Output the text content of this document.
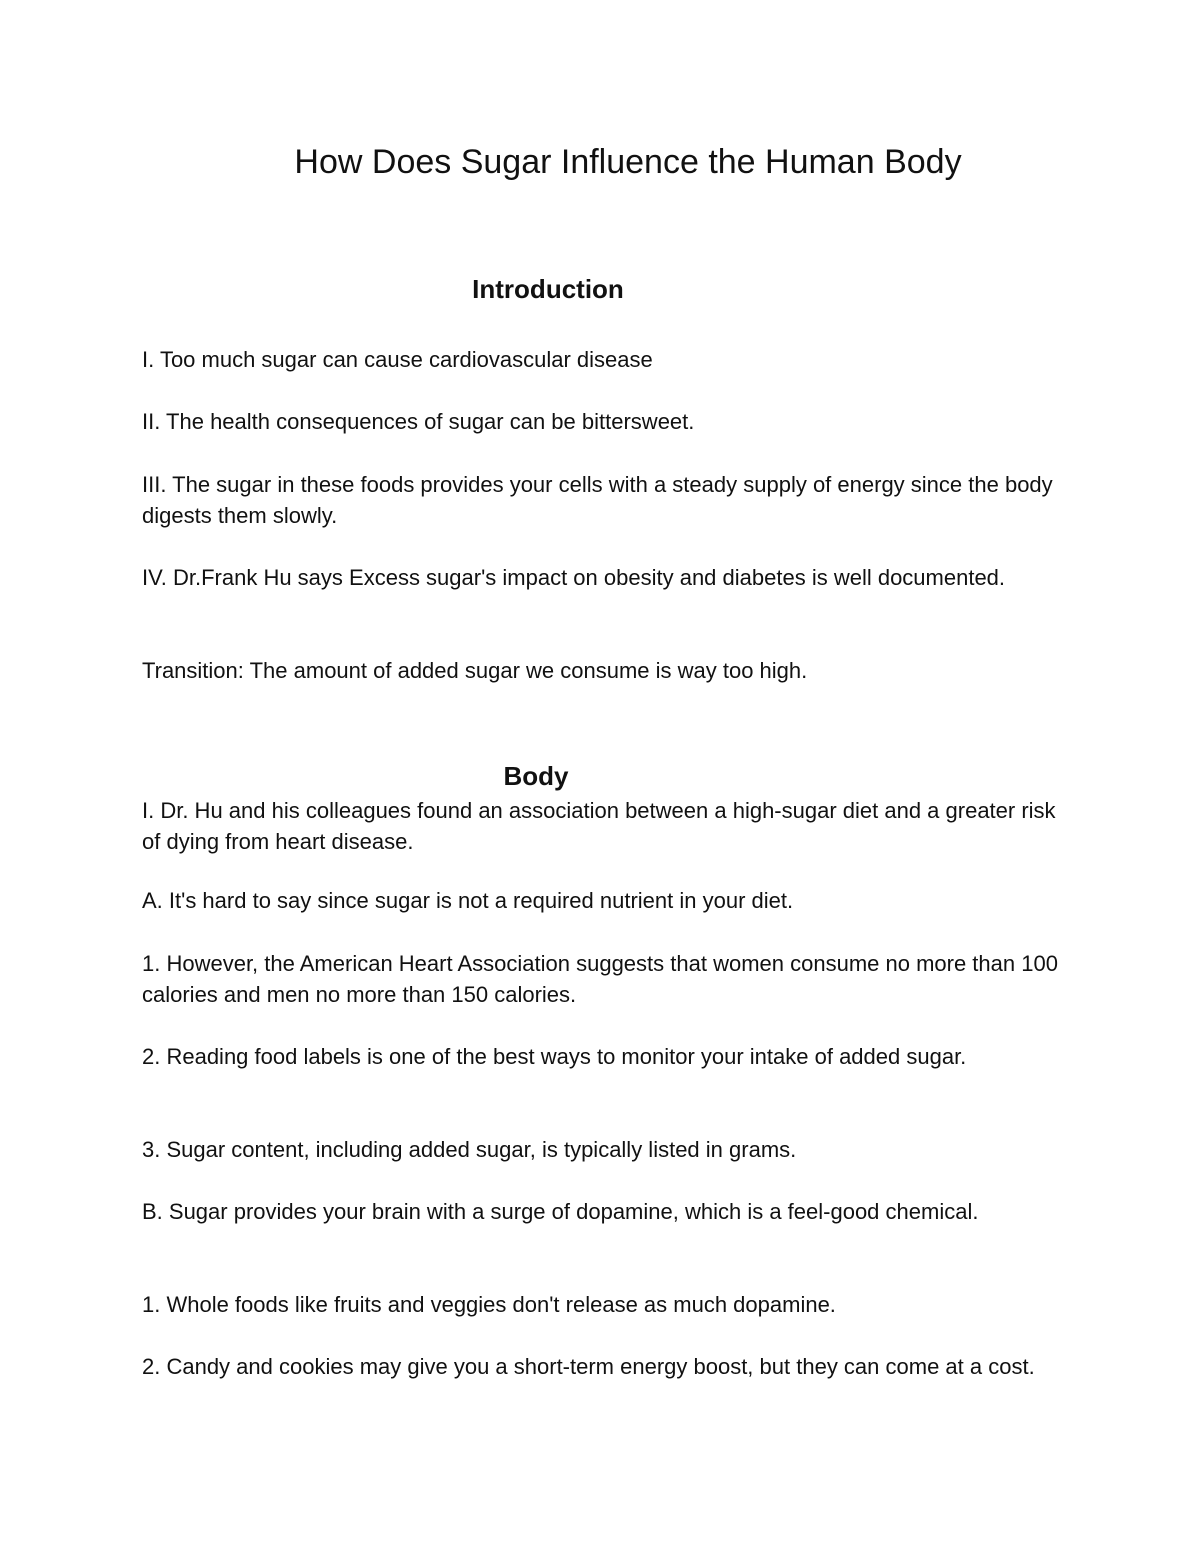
How Does Sugar Influence the Human Body
Introduction

I. Too much sugar can cause cardiovascular disease

II. The health consequences of sugar can be bittersweet.

III. The sugar in these foods provides your cells with a steady supply of energy since the body digests them slowly.

IV. Dr.Frank Hu says Excess sugar's impact on obesity and diabetes is well documented.

Transition: The amount of added sugar we consume is way too high.

Body

I. Dr. Hu and his colleagues found an association between a high-sugar diet and a greater risk of dying from heart disease.

A. It's hard to say since sugar is not a required nutrient in your diet.

1. However, the American Heart Association suggests that women consume no more than 100 calories and men no more than 150 calories.

2. Reading food labels is one of the best ways to monitor your intake of added sugar.

3. Sugar content, including added sugar, is typically listed in grams.

B. Sugar provides your brain with a surge of dopamine, which is a feel-good chemical.

1. Whole foods like fruits and veggies don't release as much dopamine.

2. Candy and cookies may give you a short-term energy boost, but they can come at a cost.
